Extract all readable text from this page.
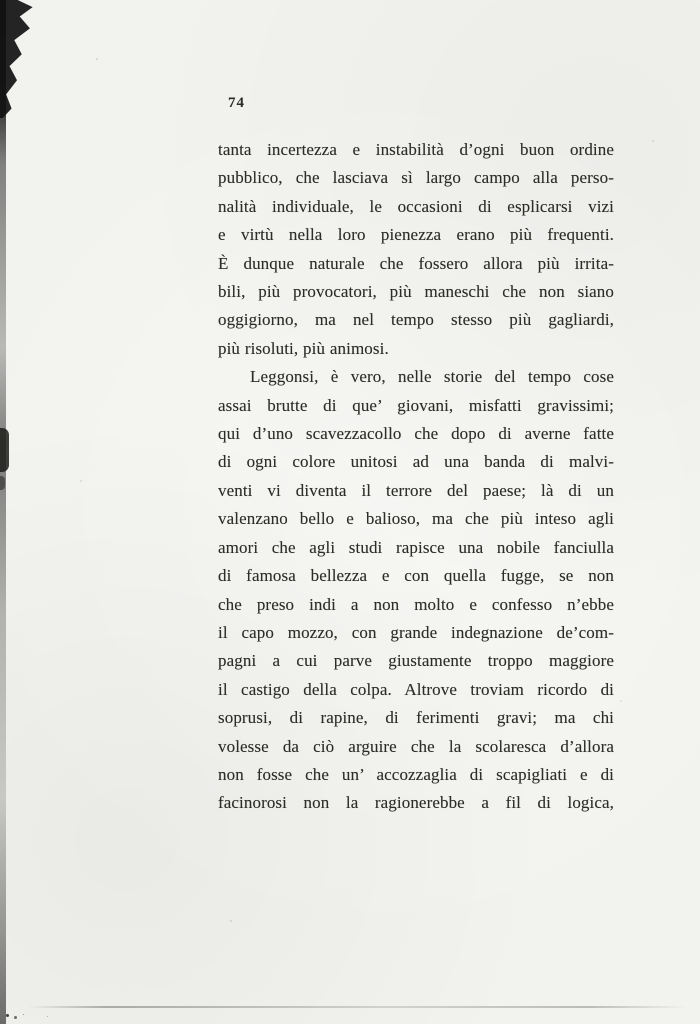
74
tanta incertezza e instabilità d’ogni buon ordine
pubblico, che lasciava sì largo campo alla perso-
nalità individuale, le occasioni di esplicarsi vizi
e virtù nella loro pienezza erano più frequenti.
È dunque naturale che fossero allora più irrita-
bili, più provocatori, più maneschi che non siano
oggigiorno, ma nel tempo stesso più gagliardi,
più risoluti, più animosi.
Leggonsi, è vero, nelle storie del tempo cose
assai brutte di que’ giovani, misfatti gravissimi;
qui d’uno scavezzacollo che dopo di averne fatte
di ogni colore unitosi ad una banda di malvi-
venti vi diventa il terrore del paese; là di un
valenzano bello e balioso, ma che più inteso agli
amori che agli studi rapisce una nobile fanciulla
di famosa bellezza e con quella fugge, se non
che preso indi a non molto e confesso n’ebbe
il capo mozzo, con grande indegnazione de’com-
pagni a cui parve giustamente troppo maggiore
il castigo della colpa. Altrove troviam ricordo di
soprusi, di rapine, di ferimenti gravi; ma chi
volesse da ciò arguire che la scolaresca d’allora
non fosse che un’ accozzaglia di scapigliati e di
facinorosi non la ragionerebbe a fil di logica,
